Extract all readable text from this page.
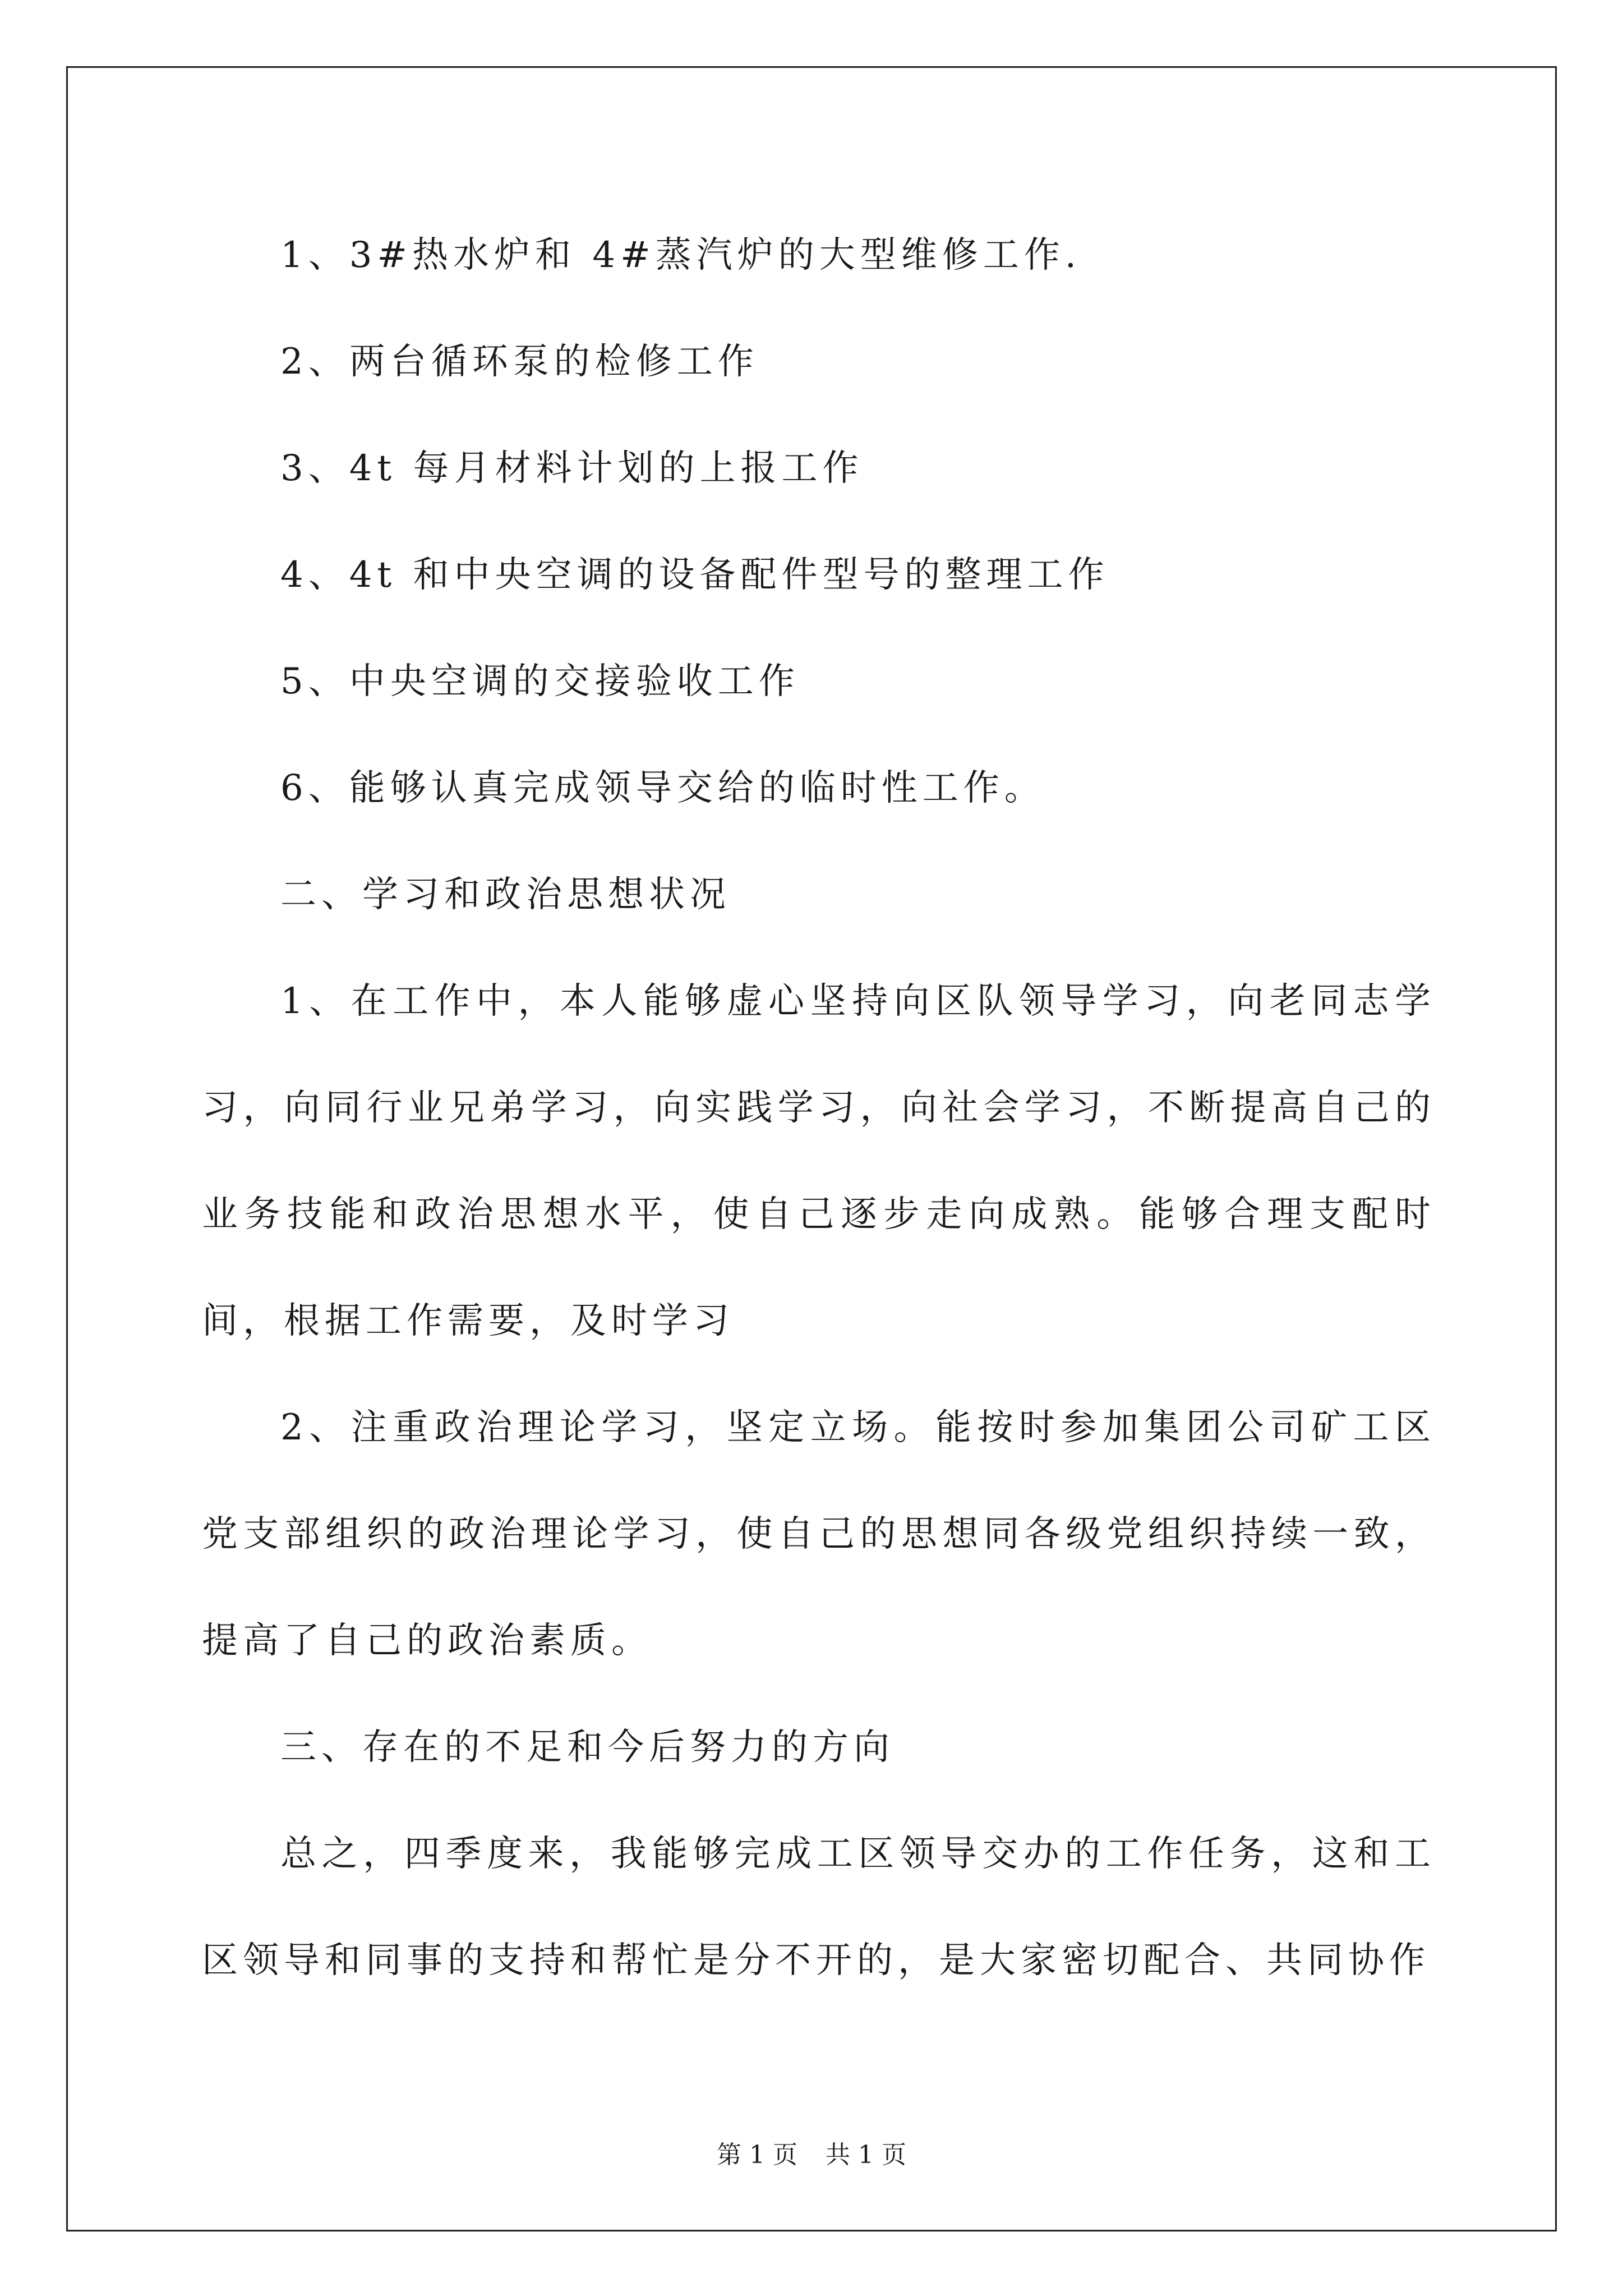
1、3#热水炉和 4#蒸汽炉的大型维修工作.

2、两台循环泵的检修工作

3、4t 每月材料计划的上报工作

4、4t 和中央空调的设备配件型号的整理工作

5、中央空调的交接验收工作

6、能够认真完成领导交给的临时性工作。

二、学习和政治思想状况

1、在工作中，本人能够虚心坚持向区队领导学习，向老同志学习，向同行业兄弟学习，向实践学习，向社会学习，不断提高自己的业务技能和政治思想水平，使自己逐步走向成熟。能够合理支配时间，根据工作需要，及时学习

2、注重政治理论学习，坚定立场。能按时参加集团公司矿工区党支部组织的政治理论学习，使自己的思想同各级党组织持续一致，提高了自己的政治素质。

三、存在的不足和今后努力的方向

总之，四季度来，我能够完成工区领导交办的工作任务，这和工区领导和同事的支持和帮忙是分不开的，是大家密切配合、共同协作

第 1 页 共 1 页
